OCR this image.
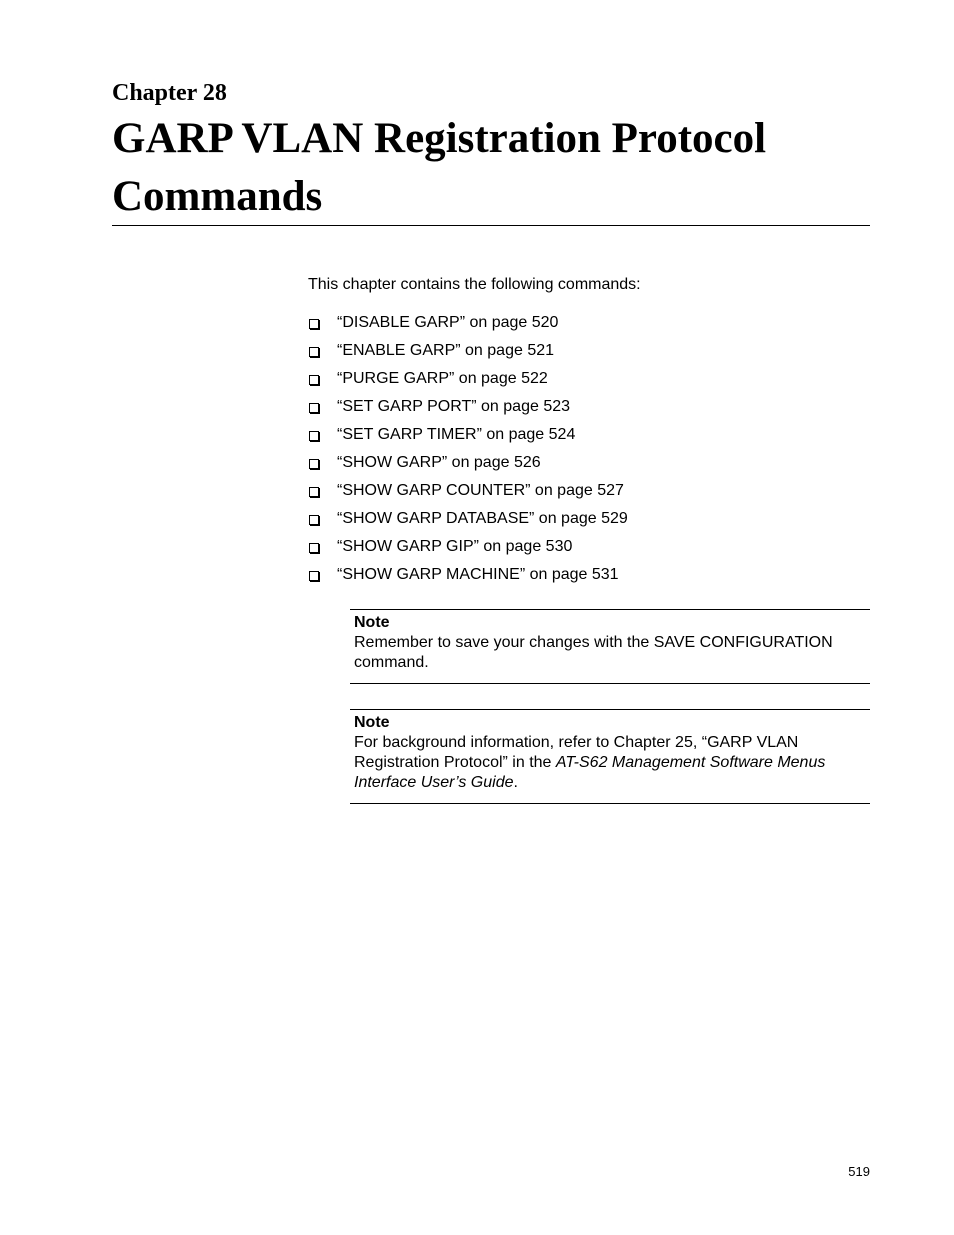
Chapter 28
GARP VLAN Registration Protocol Commands

This chapter contains the following commands:

“DISABLE GARP” on page 520
“ENABLE GARP” on page 521
“PURGE GARP” on page 522
“SET GARP PORT” on page 523
“SET GARP TIMER” on page 524
“SHOW GARP” on page 526
“SHOW GARP COUNTER” on page 527
“SHOW GARP DATABASE” on page 529
“SHOW GARP GIP” on page 530
“SHOW GARP MACHINE” on page 531
Note
Remember to save your changes with the SAVE CONFIGURATION command.
Note
For background information, refer to Chapter 25, “GARP VLAN Registration Protocol” in the AT-S62 Management Software Menus Interface User’s Guide.
519
